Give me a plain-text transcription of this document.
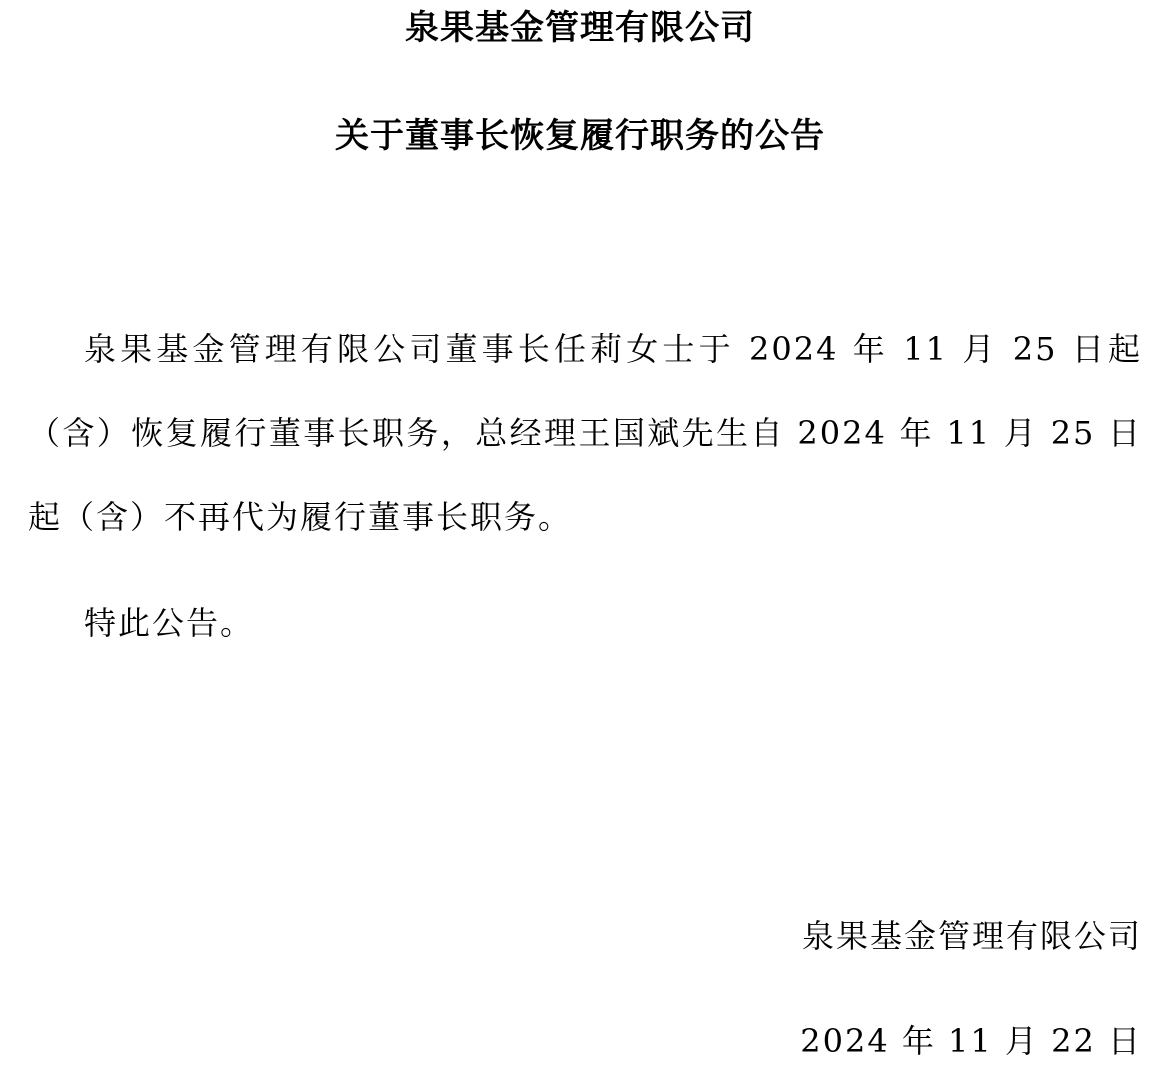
泉果基金管理有限公司
关于董事长恢复履行职务的公告

泉果基金管理有限公司董事长任莉女士于 2024 年 11 月 25 日起（含）恢复履行董事长职务，总经理王国斌先生自 2024 年 11 月 25 日起（含）不再代为履行董事长职务。

特此公告。

泉果基金管理有限公司
2024 年 11 月 22 日
